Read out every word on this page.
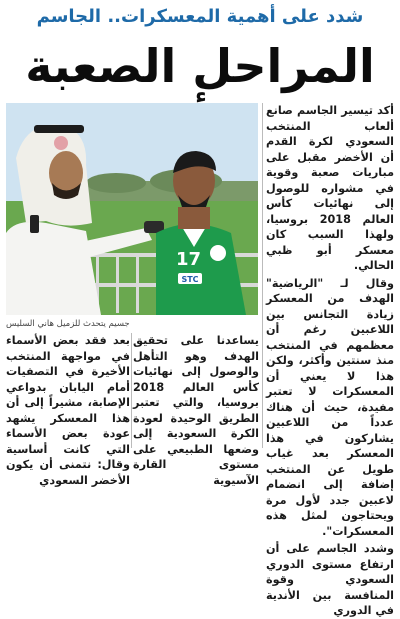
شدد على أهمية المعسكرات.. الجاسم
المراحل الصعبة

أكد تيسير الجاسم صانع ألعاب المنتخب السعودي لكرة القدم أن الأخضر مقبل على مباريات صعبة وقوية في مشواره للوصول إلى نهائيات كأس العالم 2018 بروسيا، ولهذا السبب كان معسكر أبو ظبي الحالي.

وقال لـ "الرياضية" الهدف من المعسكر زيادة التجانس بين اللاعبين رغم أن معظمهم في المنتخب منذ سنتين وأكثر، ولكن هذا لا يعني أن المعسكرات لا تعتبر مفيدة، حيث أن هناك عدداً من اللاعبين يشاركون في هذا المعسكر بعد غياب طويل عن المنتخب إضافة إلى انضمام لاعبين جدد لأول مرة ويحتاجون لمثل هذه المعسكرات".

وشدد الجاسم على أن ارتفاع مستوى الدوري السعودي وقوة المنافسة بين الأندية في الدوري

17
STC
جسيم يتحدث للزميل هاني السليس
يساعدنا على تحقيق الهدف وهو التأهل والوصول إلى نهائيات كأس العالم 2018 بروسيا، والتي تعتبر الطريق الوحيدة لعودة الكرة السعودية إلى وضعها الطبيعي على مستوى القارة الآسيوية
بعد فقد بعض الأسماء في مواجهة المنتخب الأخيرة في التصفيات أمام اليابان بدواعي الإصابة، مشيراً إلى أن هذا المعسكر يشهد عودة بعض الأسماء التي كانت أساسية وقال: نتمنى أن يكون الأخضر السعودي
